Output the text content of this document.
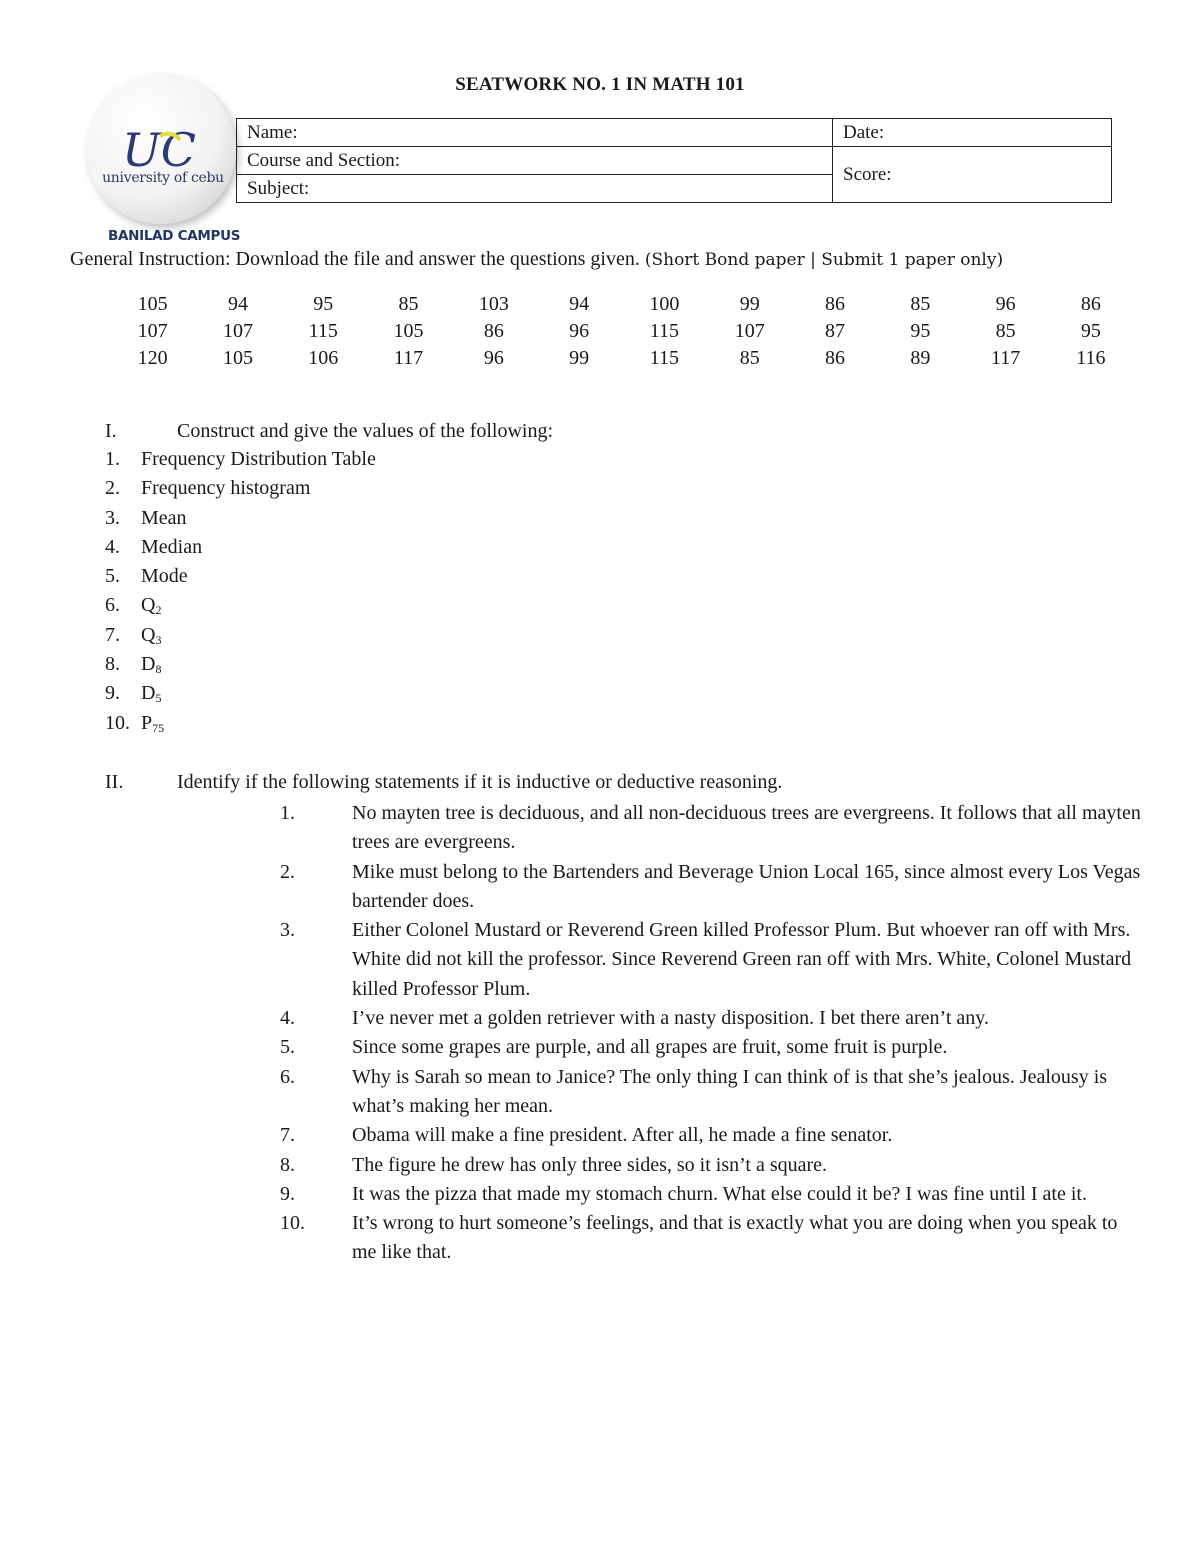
UC
university of cebu
BANILAD CAMPUS
SEATWORK NO. 1 IN MATH 101
Name:	Date:
Course and Section:	Score:
Subject:	
General Instruction: Download the file and answer the questions given. (Short Bond paper | Submit 1 paper only)
105	94	95	85	103	94	100	99	86	85	96	86
107	107	115	105	86	96	115	107	87	95	85	95
120	105	106	117	96	99	115	85	86	89	117	116
I.	Construct and give the values of the following:
1.	Frequency Distribution Table
2.	Frequency histogram
3.	Mean
4.	Median
5.	Mode
6.	$Q_2$
7.	$Q_3$
8.	$D_8$
9.	$D_5$
10. $P_{75}$
II.	Identify if the following statements if it is inductive or deductive reasoning.
1.	No mayten tree is deciduous, and all non-deciduous trees are evergreens. It follows that all mayten trees are evergreens.
2.	Mike must belong to the Bartenders and Beverage Union Local 165, since almost every Los Vegas bartender does.
3.	Either Colonel Mustard or Reverend Green killed Professor Plum. But whoever ran off with Mrs. White did not kill the professor. Since Reverend Green ran off with Mrs. White, Colonel Mustard killed Professor Plum.
4.	I’ve never met a golden retriever with a nasty disposition. I bet there aren’t any.
5.	Since some grapes are purple, and all grapes are fruit, some fruit is purple.
6.	Why is Sarah so mean to Janice? The only thing I can think of is that she’s jealous. Jealousy is what’s making her mean.
7.	Obama will make a fine president. After all, he made a fine senator.
8.	The figure he drew has only three sides, so it isn’t a square.
9.	It was the pizza that made my stomach churn. What else could it be? I was fine until I ate it.
10.	It’s wrong to hurt someone’s feelings, and that is exactly what you are doing when you speak to me like that.
